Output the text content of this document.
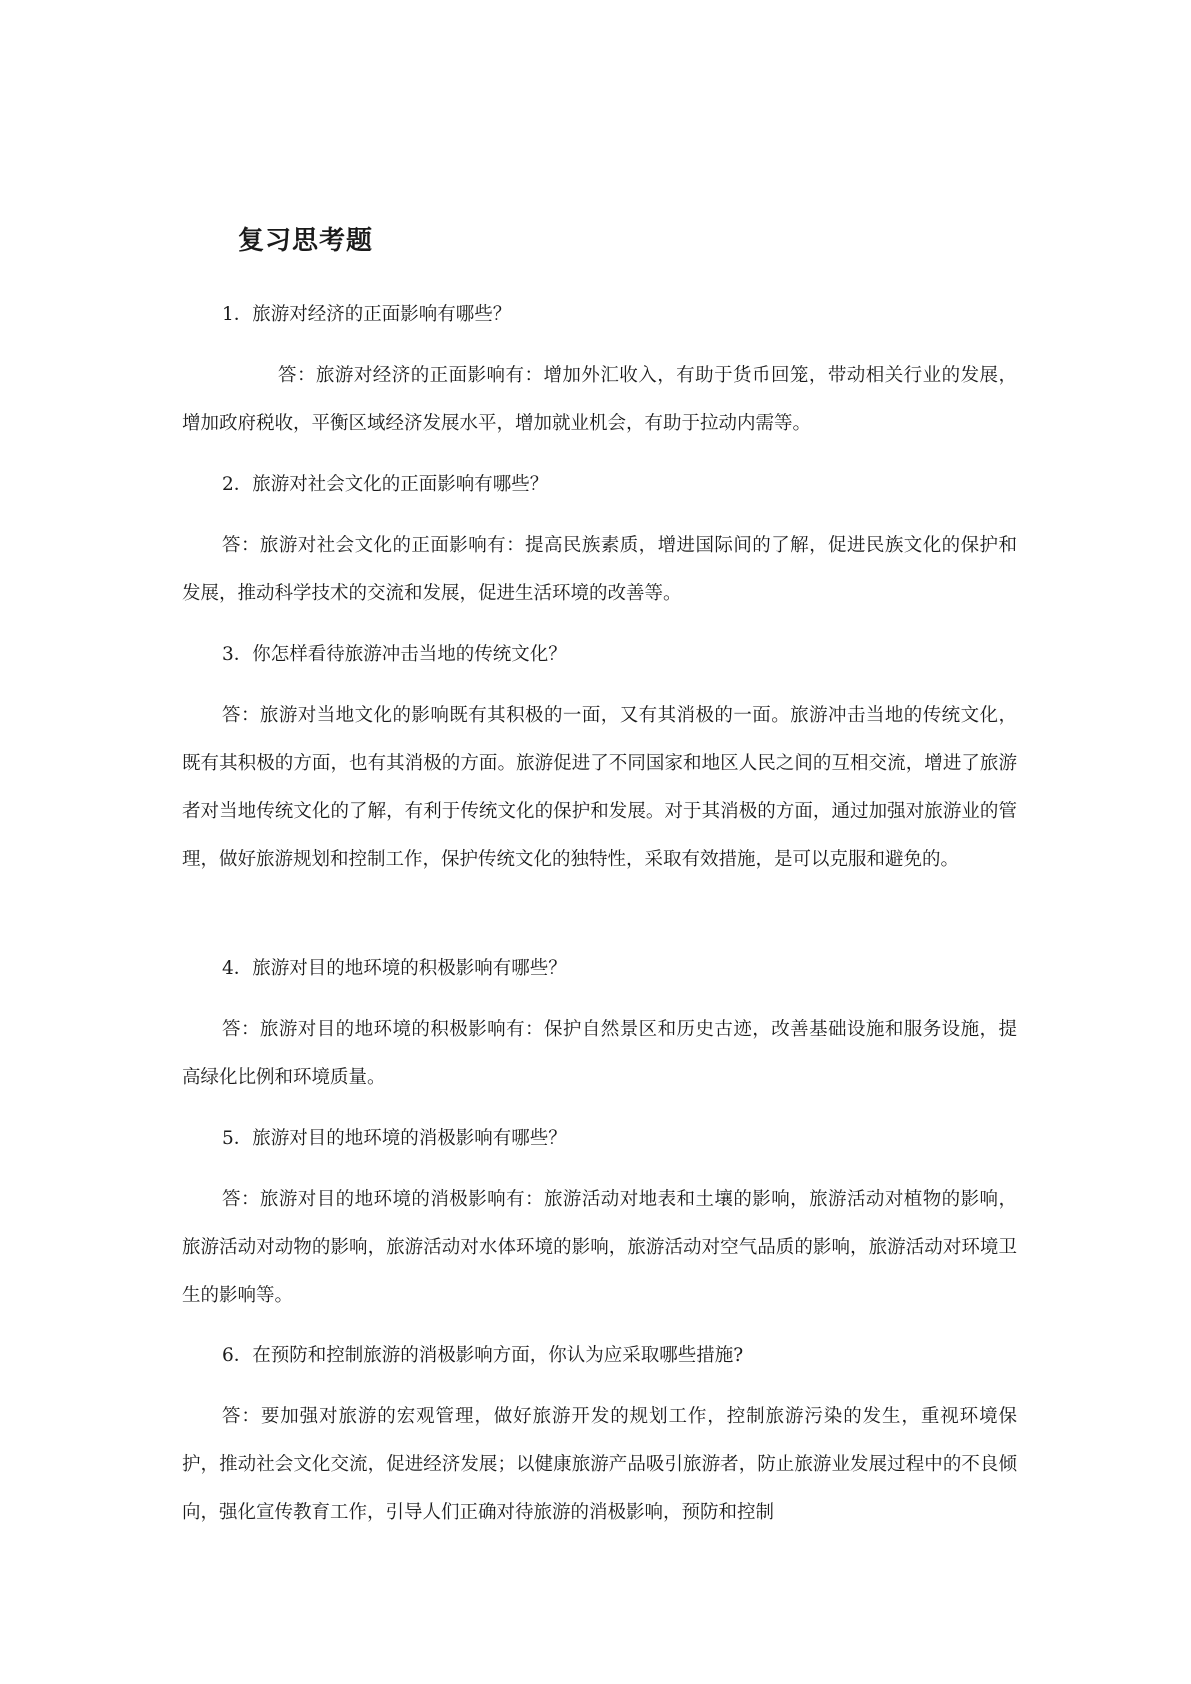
复习思考题
1．旅游对经济的正面影响有哪些？
答：旅游对经济的正面影响有：增加外汇收入，有助于货币回笼，带动相关行业的发展，增加政府税收，平衡区域经济发展水平，增加就业机会，有助于拉动内需等。
2．旅游对社会文化的正面影响有哪些？
答：旅游对社会文化的正面影响有：提高民族素质，增进国际间的了解，促进民族文化的保护和发展，推动科学技术的交流和发展，促进生活环境的改善等。
3．你怎样看待旅游冲击当地的传统文化？
答：旅游对当地文化的影响既有其积极的一面，又有其消极的一面。旅游冲击当地的传统文化，既有其积极的方面，也有其消极的方面。旅游促进了不同国家和地区人民之间的互相交流，增进了旅游者对当地传统文化的了解，有利于传统文化的保护和发展。对于其消极的方面，通过加强对旅游业的管理，做好旅游规划和控制工作，保护传统文化的独特性，采取有效措施，是可以克服和避免的。
4．旅游对目的地环境的积极影响有哪些？
答：旅游对目的地环境的积极影响有：保护自然景区和历史古迹，改善基础设施和服务设施，提高绿化比例和环境质量。
5．旅游对目的地环境的消极影响有哪些？
答：旅游对目的地环境的消极影响有：旅游活动对地表和土壤的影响，旅游活动对植物的影响，旅游活动对动物的影响，旅游活动对水体环境的影响，旅游活动对空气品质的影响，旅游活动对环境卫生的影响等。
6．在预防和控制旅游的消极影响方面，你认为应采取哪些措施?
答：要加强对旅游的宏观管理，做好旅游开发的规划工作，控制旅游污染的发生，重视环境保护，推动社会文化交流，促进经济发展；以健康旅游产品吸引旅游者，防止旅游业发展过程中的不良倾向，强化宣传教育工作，引导人们正确对待旅游的消极影响，预防和控制
